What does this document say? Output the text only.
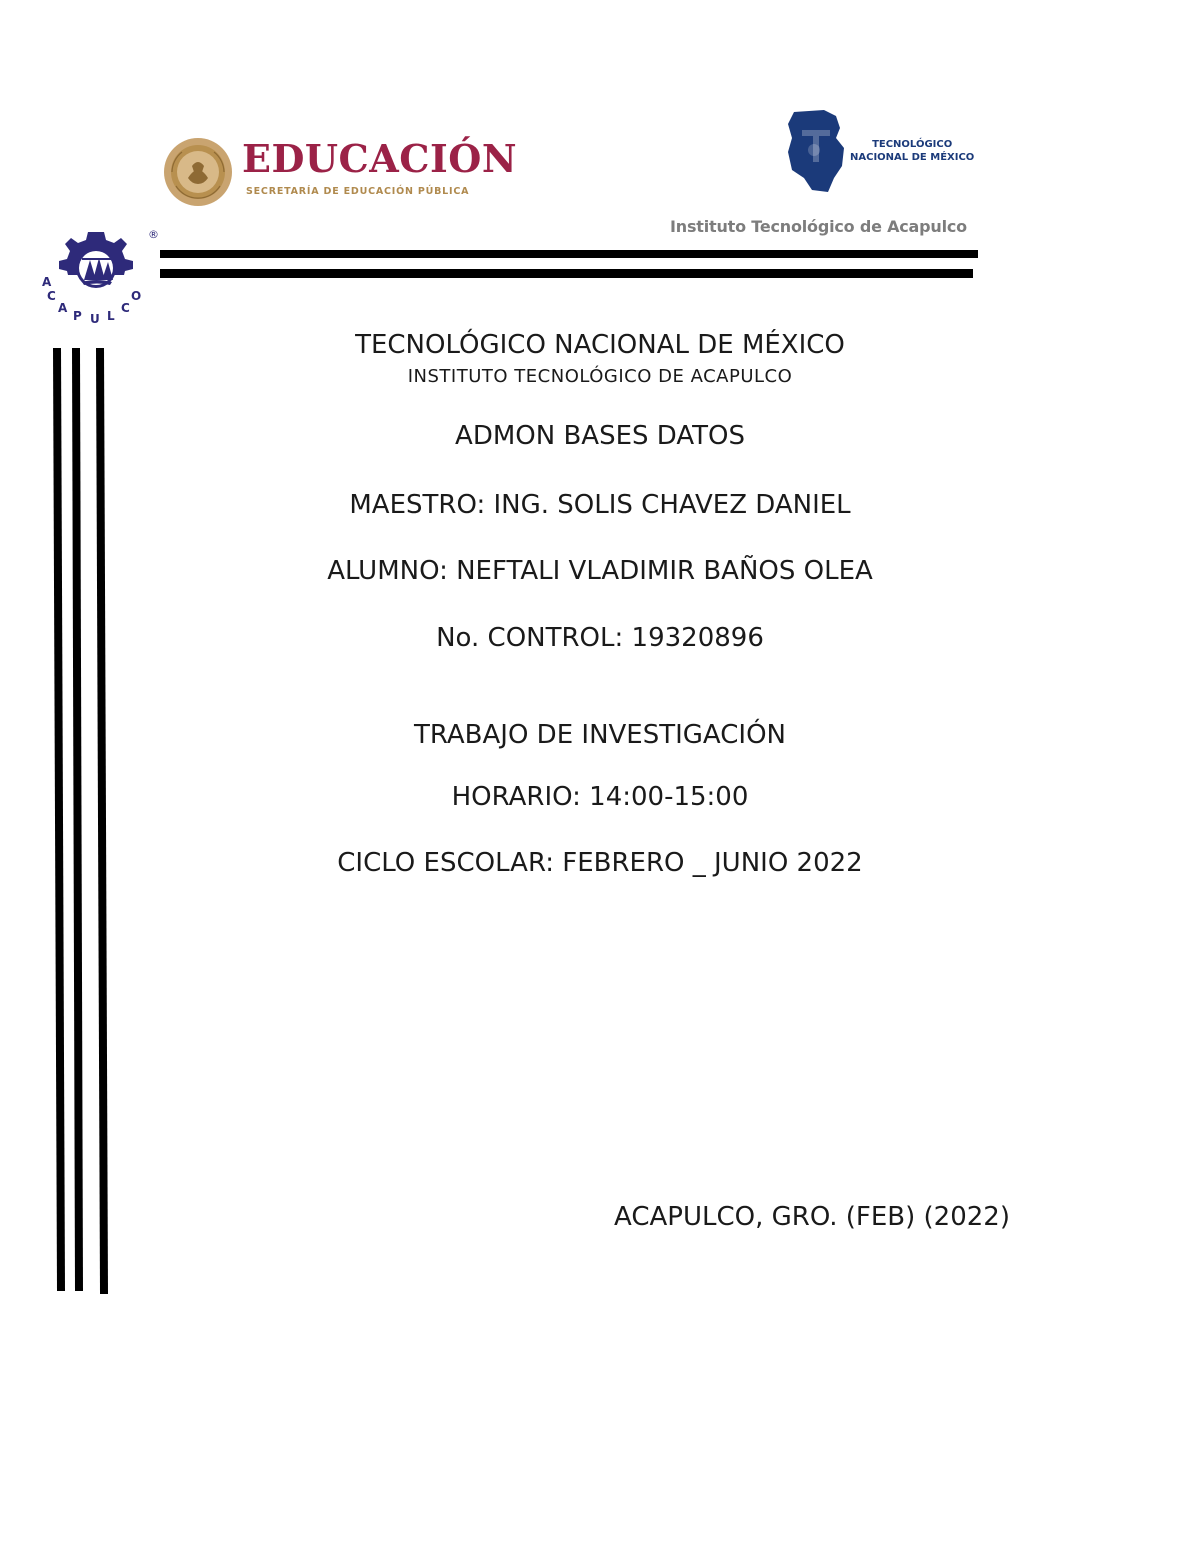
EDUCACIÓN
SECRETARÍA DE EDUCACIÓN PÚBLICA
TECNOLÓGICO
NACIONAL DE MÉXICO
Instituto Tecnológico de Acapulco
®
A
C
A
P U L
C
O
TECNOLÓGICO NACIONAL DE MÉXICO
INSTITUTO TECNOLÓGICO DE ACAPULCO
ADMON BASES DATOS
MAESTRO: ING. SOLIS CHAVEZ DANIEL
ALUMNO: NEFTALI VLADIMIR BAÑOS OLEA
No. CONTROL: 19320896
TRABAJO DE INVESTIGACIÓN
HORARIO: 14:00-15:00
CICLO ESCOLAR: FEBRERO _ JUNIO 2022
ACAPULCO, GRO. (FEB) (2022)
